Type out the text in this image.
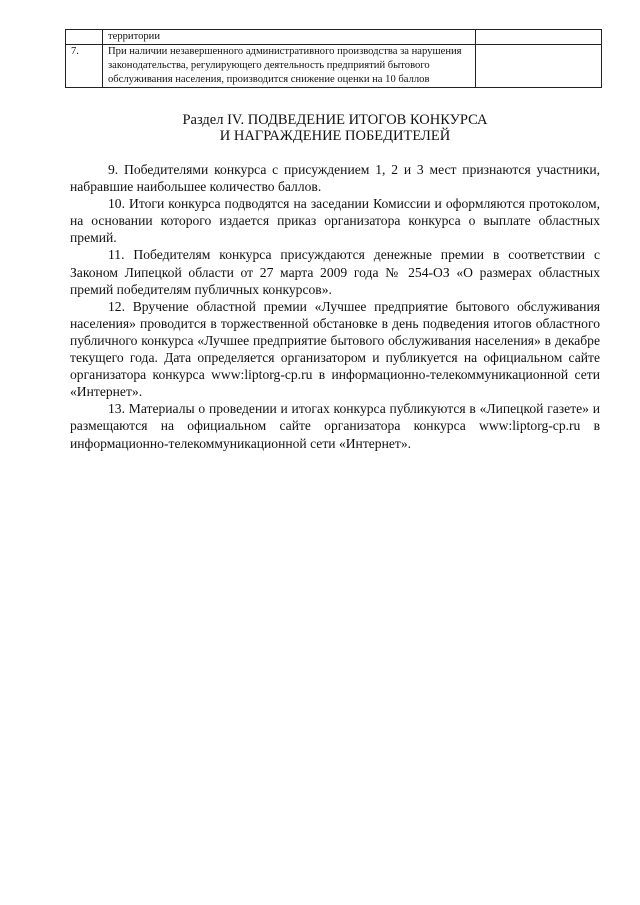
	территории	
7.	При наличии незавершенного административного производства за нарушения законодательства, регулирующего деятельность предприятий бытового обслуживания населения, производится снижение оценки на 10 баллов	
Раздел IV. ПОДВЕДЕНИЕ ИТОГОВ КОНКУРСА
И НАГРАЖДЕНИЕ ПОБЕДИТЕЛЕЙ

9. Победителями конкурса с присуждением 1, 2 и 3 мест признаются участники, набравшие наибольшее количество баллов.

10. Итоги конкурса подводятся на заседании Комиссии и оформляются протоколом, на основании которого издается приказ организатора конкурса о выплате областных премий.

11. Победителям конкурса присуждаются денежные премии в соответствии с Законом Липецкой области от 27 марта 2009 года № 254-ОЗ «О размерах областных премий победителям публичных конкурсов».

12. Вручение областной премии «Лучшее предприятие бытового обслуживания населения» проводится в торжественной обстановке в день подведения итогов областного публичного конкурса «Лучшее предприятие бытового обслуживания населения» в декабре текущего года. Дата определяется организатором и публикуется на официальном сайте организатора конкурса www:liptorg-cp.ru в информационно-телекоммуникационной сети «Интернет».

13. Материалы о проведении и итогах конкурса публикуются в «Липецкой газете» и размещаются на официальном сайте организатора конкурса www:liptorg-cp.ru в информационно-телекоммуникационной сети «Интернет».
